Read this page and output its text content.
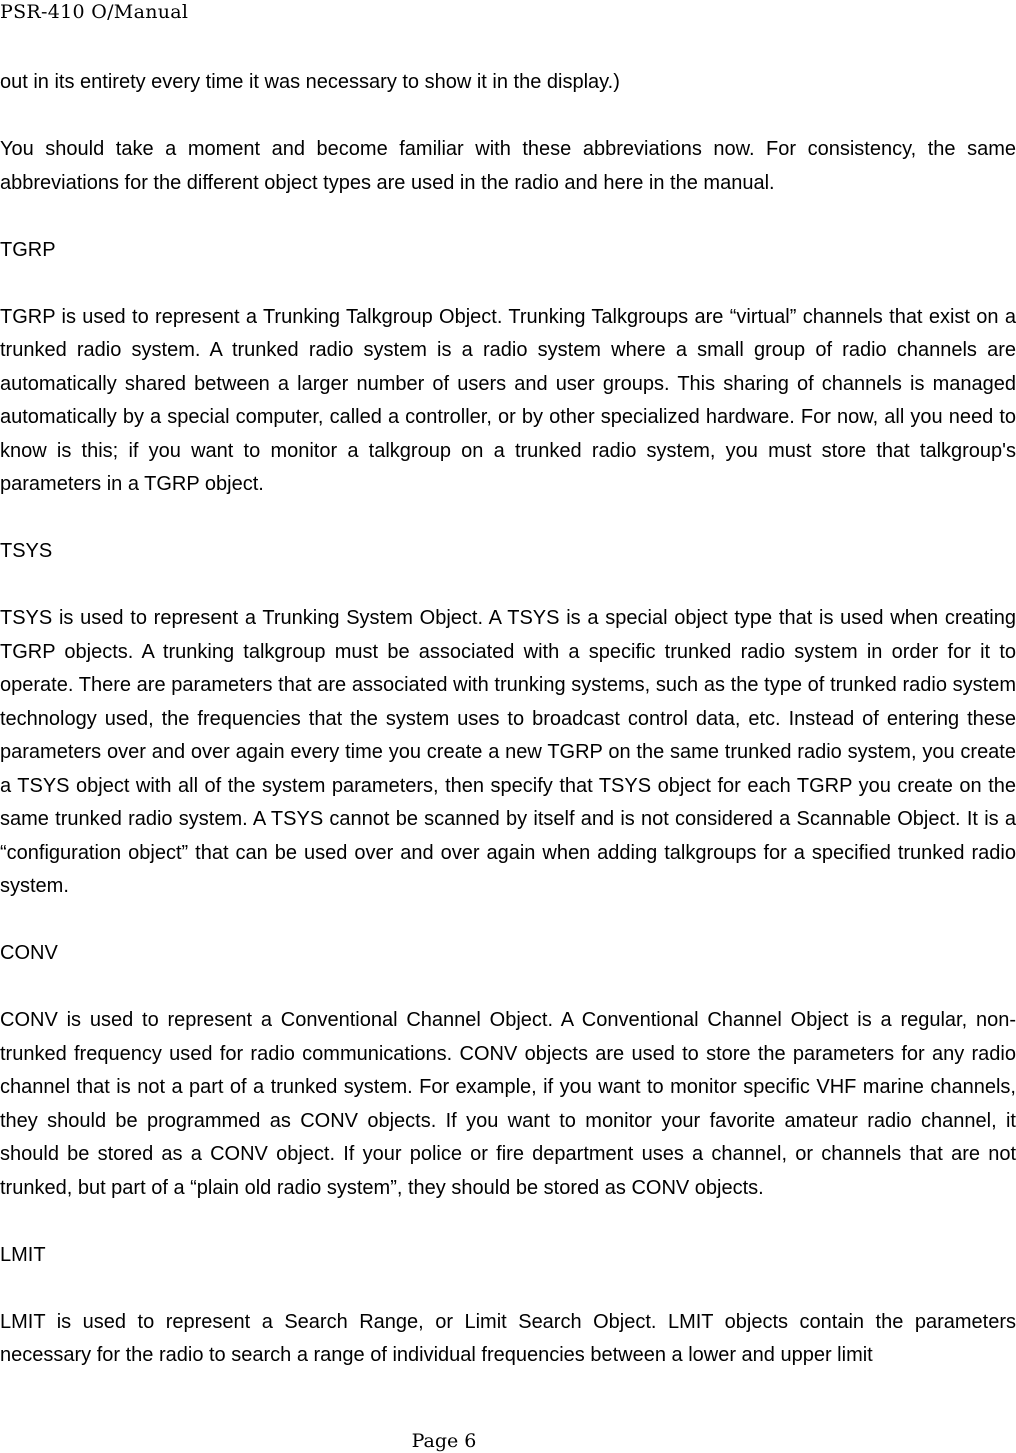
PSR-410 O/Manual

out in its entirety every time it was necessary to show it in the display.)

You should take a moment and become familiar with these abbreviations now. For consistency, the same abbreviations for the different object types are used in the radio and here in the manual.

TGRP

TGRP is used to represent a Trunking Talkgroup Object. Trunking Talkgroups are “virtual” channels that exist on a trunked radio system. A trunked radio system is a radio system where a small group of radio channels are automatically shared between a larger number of users and user groups. This sharing of channels is managed automatically by a special computer, called a controller, or by other specialized hardware. For now, all you need to know is this; if you want to monitor a talkgroup on a trunked radio system, you must store that talkgroup's parameters in a TGRP object.

TSYS

TSYS is used to represent a Trunking System Object. A TSYS is a special object type that is used when creating TGRP objects. A trunking talkgroup must be associated with a specific trunked radio system in order for it to operate. There are parameters that are associated with trunking systems, such as the type of trunked radio system technology used, the frequencies that the system uses to broadcast control data, etc. Instead of entering these parameters over and over again every time you create a new TGRP on the same trunked radio system, you create a TSYS object with all of the system parameters, then specify that TSYS object for each TGRP you create on the same trunked radio system. A TSYS cannot be scanned by itself and is not considered a Scannable Object. It is a “configuration object” that can be used over and over again when adding talkgroups for a specified trunked radio system.

CONV

CONV is used to represent a Conventional Channel Object. A Conventional Channel Object is a regular, non-trunked frequency used for radio communications. CONV objects are used to store the parameters for any radio channel that is not a part of a trunked system. For example, if you want to monitor specific VHF marine channels, they should be programmed as CONV objects. If you want to monitor your favorite amateur radio channel, it should be stored as a CONV object. If your police or fire department uses a channel, or channels that are not trunked, but part of a “plain old radio system”, they should be stored as CONV objects.

LMIT

LMIT is used to represent a Search Range, or Limit Search Object. LMIT objects contain the parameters necessary for the radio to search a range of individual frequencies between a lower and upper limit

Page 6
